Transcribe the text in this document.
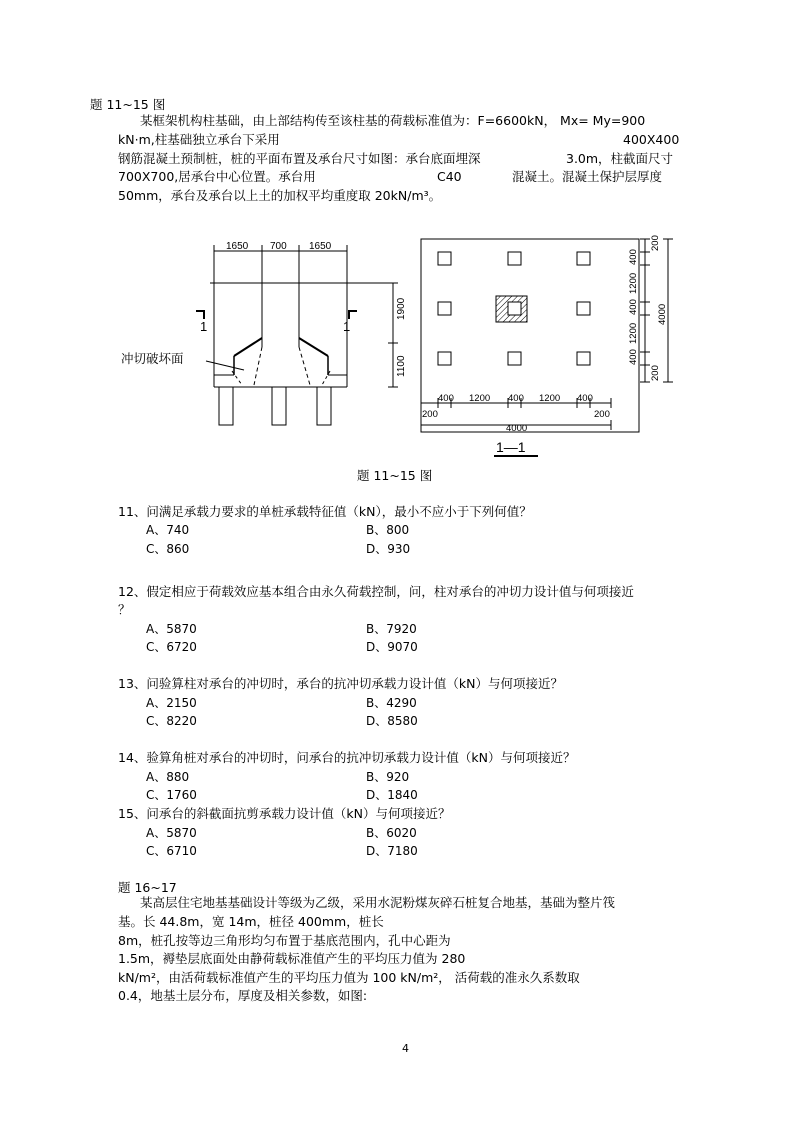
题 11~15 图
某框架机构柱基础，由上部结构传至该柱基的荷载标准值为：F=6600kN， Mx= My=900
kN·m,柱基础独立承台下采用	400X400
钢筋混凝土预制桩，桩的平面布置及承台尺寸如图：承台底面埋深	3.0m，柱截面尺寸
700X700,居承台中心位置。承台用	C40	混凝土。混凝土保护层厚度
50mm，承台及承台以上土的加权平均重度取 20kN/m³。
1650 700 1650
1900
1100
1	1
冲切破坏面
200
400
1200
400
1200
400
200
4000
200
400 1200 400 1200 400
200
4000
1—1
题 11~15 图
11、问满足承载力要求的单桩承载特征值（kN），最小不应小于下列何值？
A、740	B、800
C、860	D、930
12、假定相应于荷载效应基本组合由永久荷载控制，问，柱对承台的冲切力设计值与何项接近
？
A、5870	B、7920
C、6720	D、9070
13、问验算柱对承台的冲切时，承台的抗冲切承载力设计值（kN）与何项接近？
A、2150	B、4290
C、8220	D、8580
14、验算角桩对承台的冲切时，问承台的抗冲切承载力设计值（kN）与何项接近？
A、880	B、920
C、1760	D、1840
15、问承台的斜截面抗剪承载力设计值（kN）与何项接近？
A、5870	B、6020
C、6710	D、7180
题 16~17
某高层住宅地基基础设计等级为乙级，采用水泥粉煤灰碎石桩复合地基，基础为整片筏
基。长 44.8m，宽 14m，桩径 400mm，桩长
8m，桩孔按等边三角形均匀布置于基底范围内，孔中心距为
1.5m，褥垫层底面处由静荷载标准值产生的平均压力值为 280
kN/m²，由活荷载标准值产生的平均压力值为 100 kN/m²， 活荷载的准永久系数取
0.4，地基土层分布，厚度及相关参数，如图:
4
